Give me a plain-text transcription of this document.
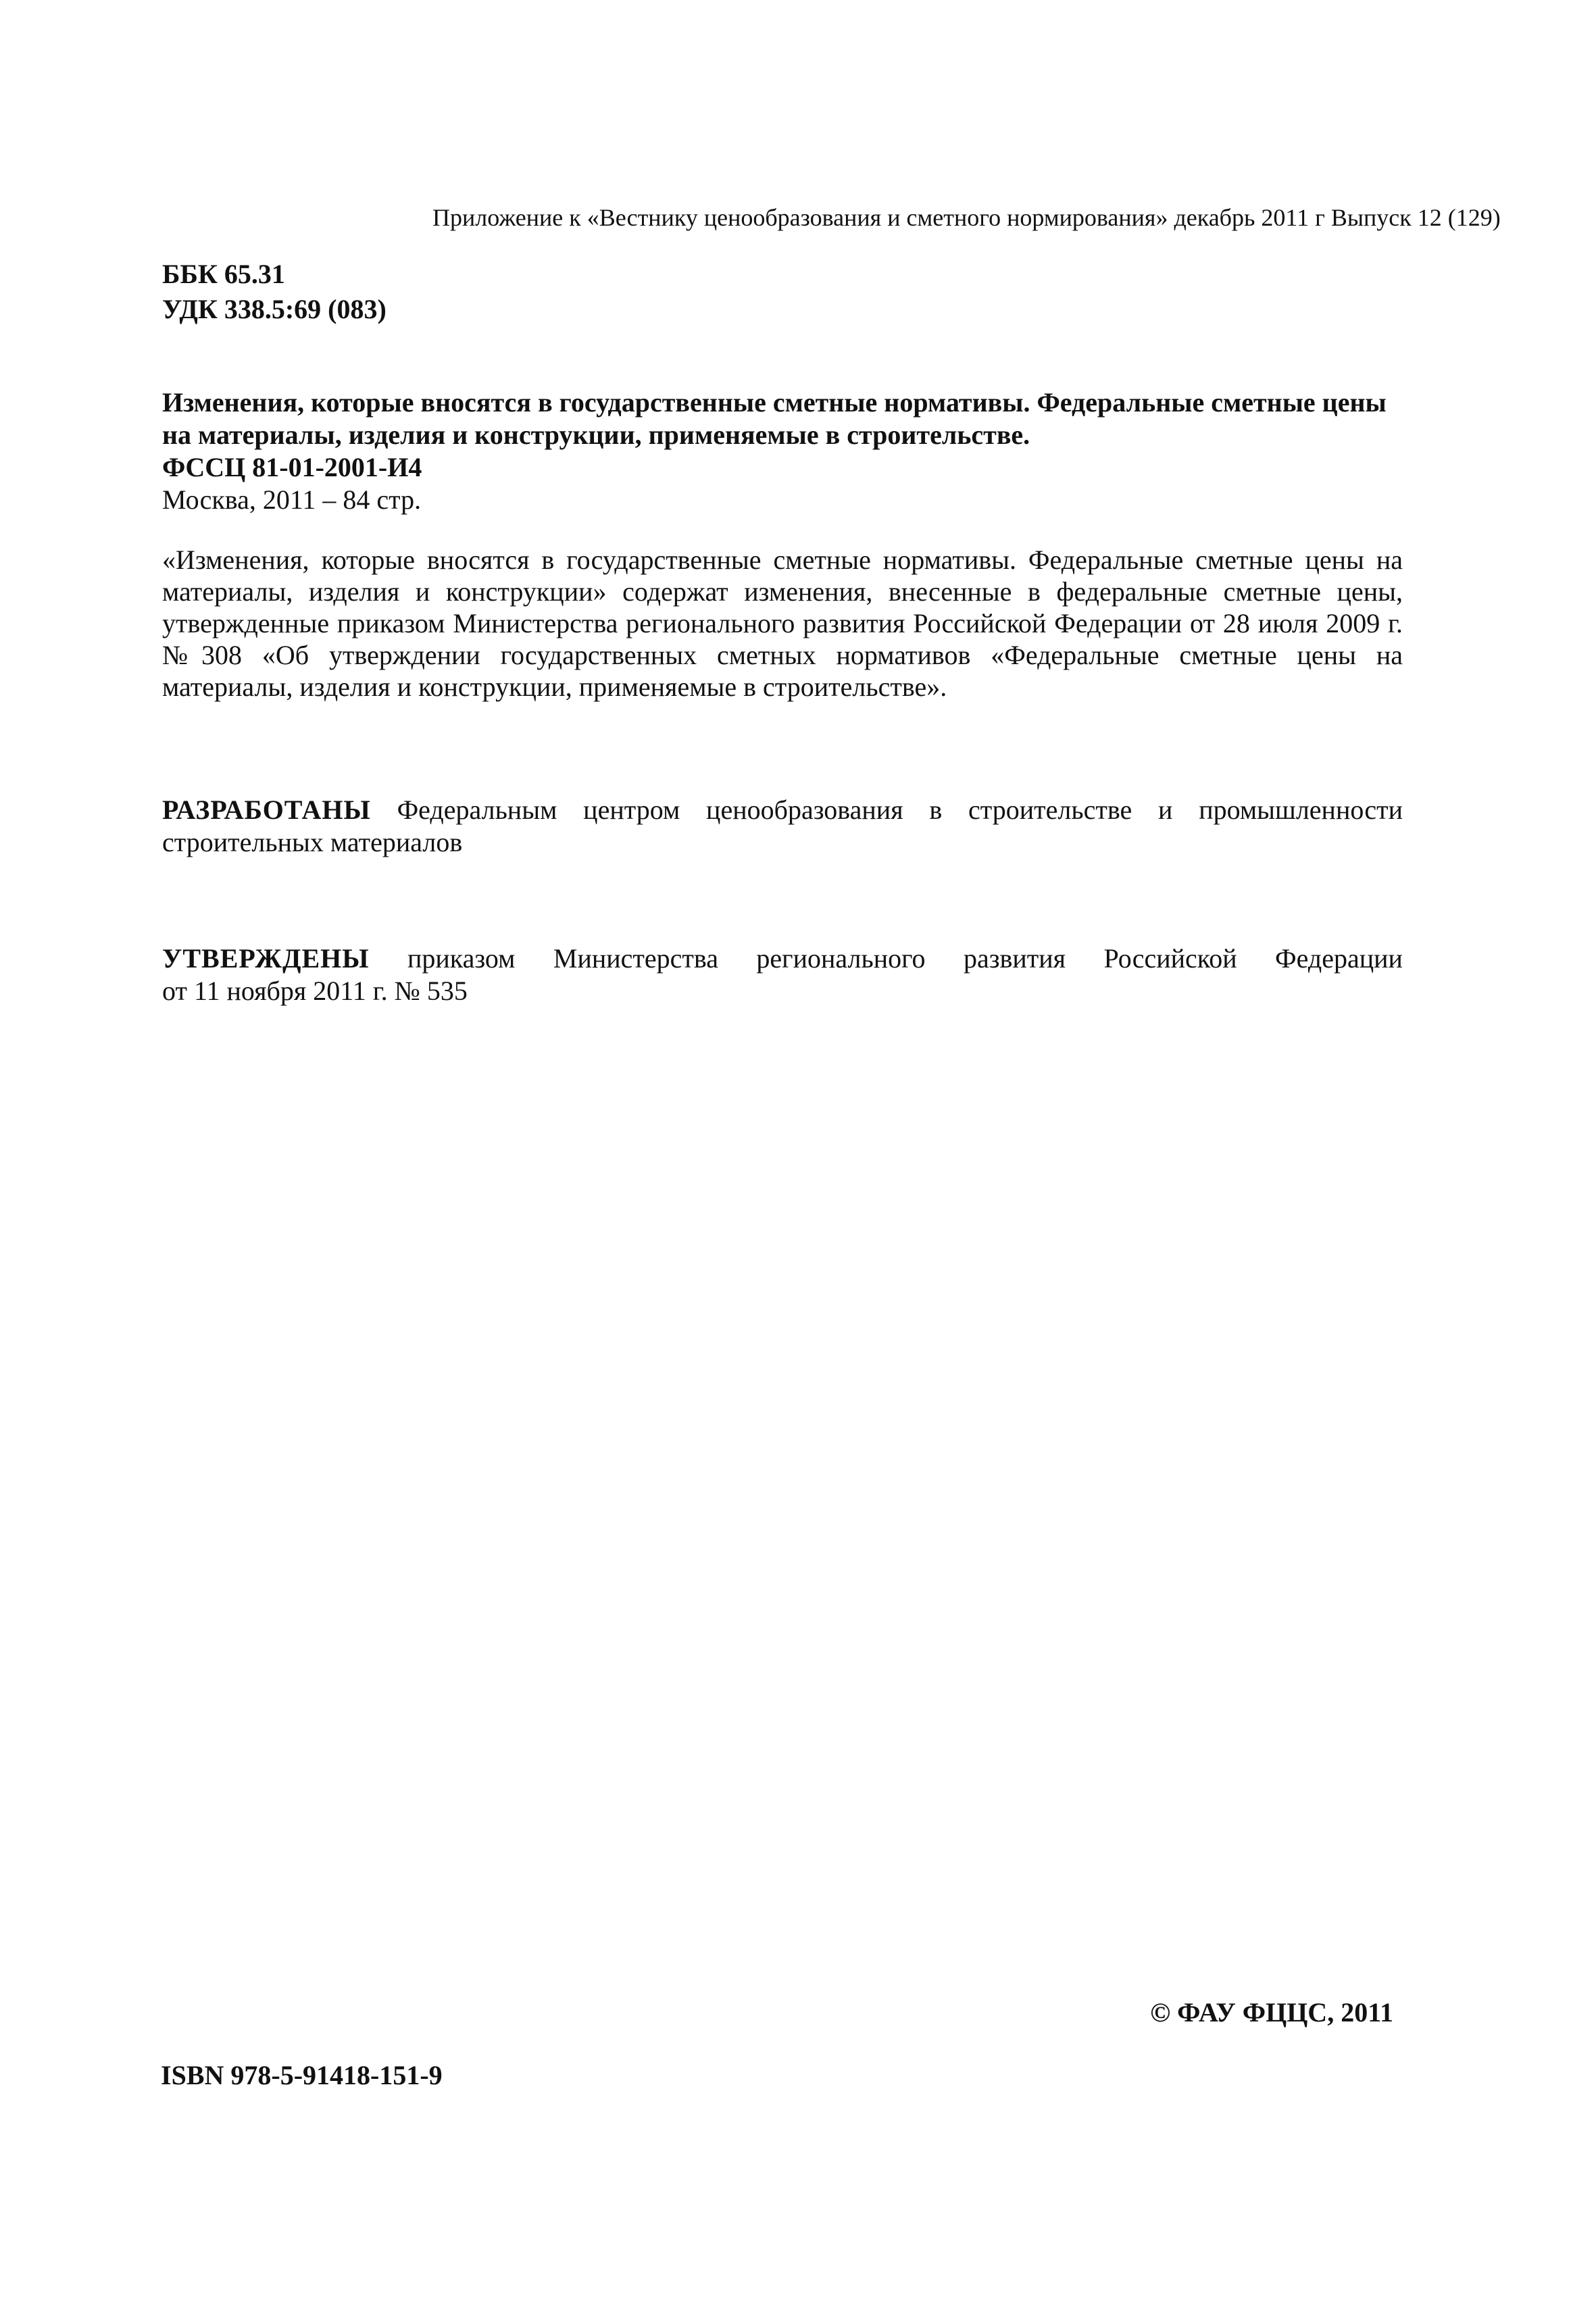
Приложение к «Вестнику ценообразования и сметного нормирования» декабрь 2011 г Выпуск 12 (129)
ББК 65.31
УДК 338.5:69 (083)
Изменения, которые вносятся в государственные сметные нормативы. Федеральные сметные цены
на материалы, изделия и конструкции, применяемые в строительстве.
ФССЦ 81-01-2001-И4
Москва, 2011 – 84 стр.
«Изменения, которые вносятся в государственные сметные нормативы. Федеральные сметные цены на материалы, изделия и конструкции» содержат изменения, внесенные в федеральные сметные цены, утвержденные приказом Министерства регионального развития Российской Федерации от 28 июля 2009 г. №308 «Об утверждении государственных сметных нормативов «Федеральные сметные цены на материалы, изделия и конструкции, применяемые в строительстве».
РАЗРАБОТАНЫ Федеральным центром ценообразования в строительстве и промышленности строительных материалов
УТВЕРЖДЕНЫ приказом Министерства регионального развития Российской Федерации
от 11 ноября 2011 г. № 535
© ФАУ ФЦЦС, 2011
ISBN 978-5-91418-151-9
